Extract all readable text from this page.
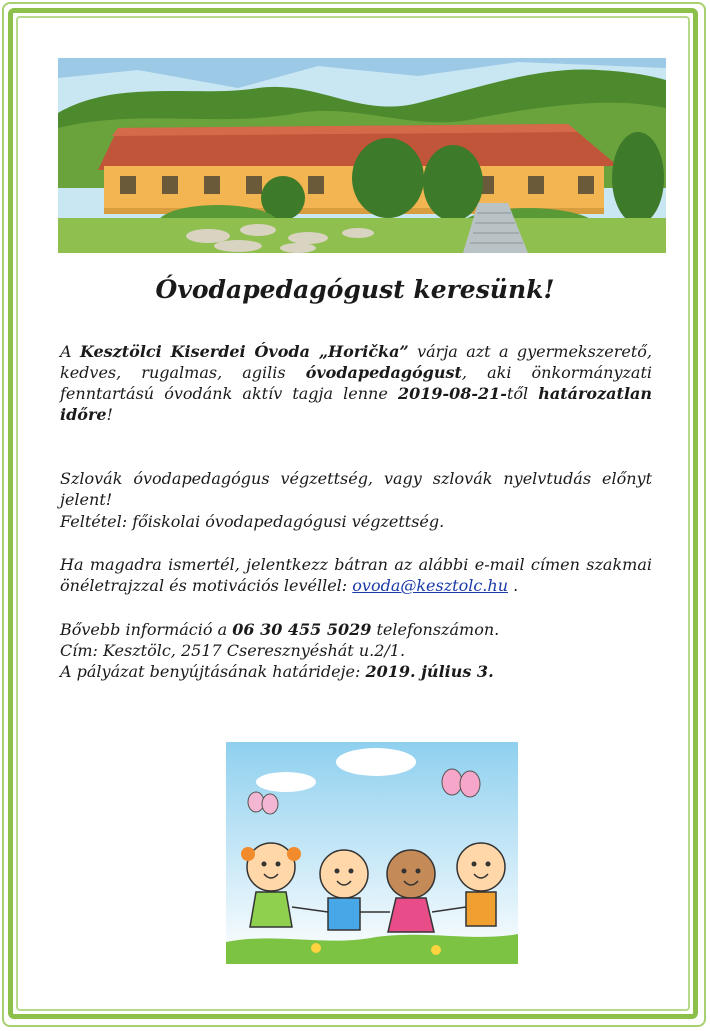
Óvodapedagógust keresünk!

A Kesztölci Kiserdei Óvoda „Horička” várja azt a gyermekszerető, kedves, rugalmas, agilis óvodapedagógust, aki önkormányzati fenntartású óvodánk aktív tagja lenne 2019-08-21-től határozatlan időre!

Szlovák óvodapedagógus végzettség, vagy szlovák nyelvtudás előnyt jelent!

Feltétel: főiskolai óvodapedagógusi végzettség.

Ha magadra ismertél, jelentkezz bátran az alábbi e-mail címen szakmai önéletrajzzal és motivációs levéllel: ovoda@kesztolc.hu .

Bővebb információ a 06 30 455 5029 telefonszámon.

Cím: Kesztölc, 2517 Cseresznyéshát u.2/1.

A pályázat benyújtásának határideje: 2019. július 3.
